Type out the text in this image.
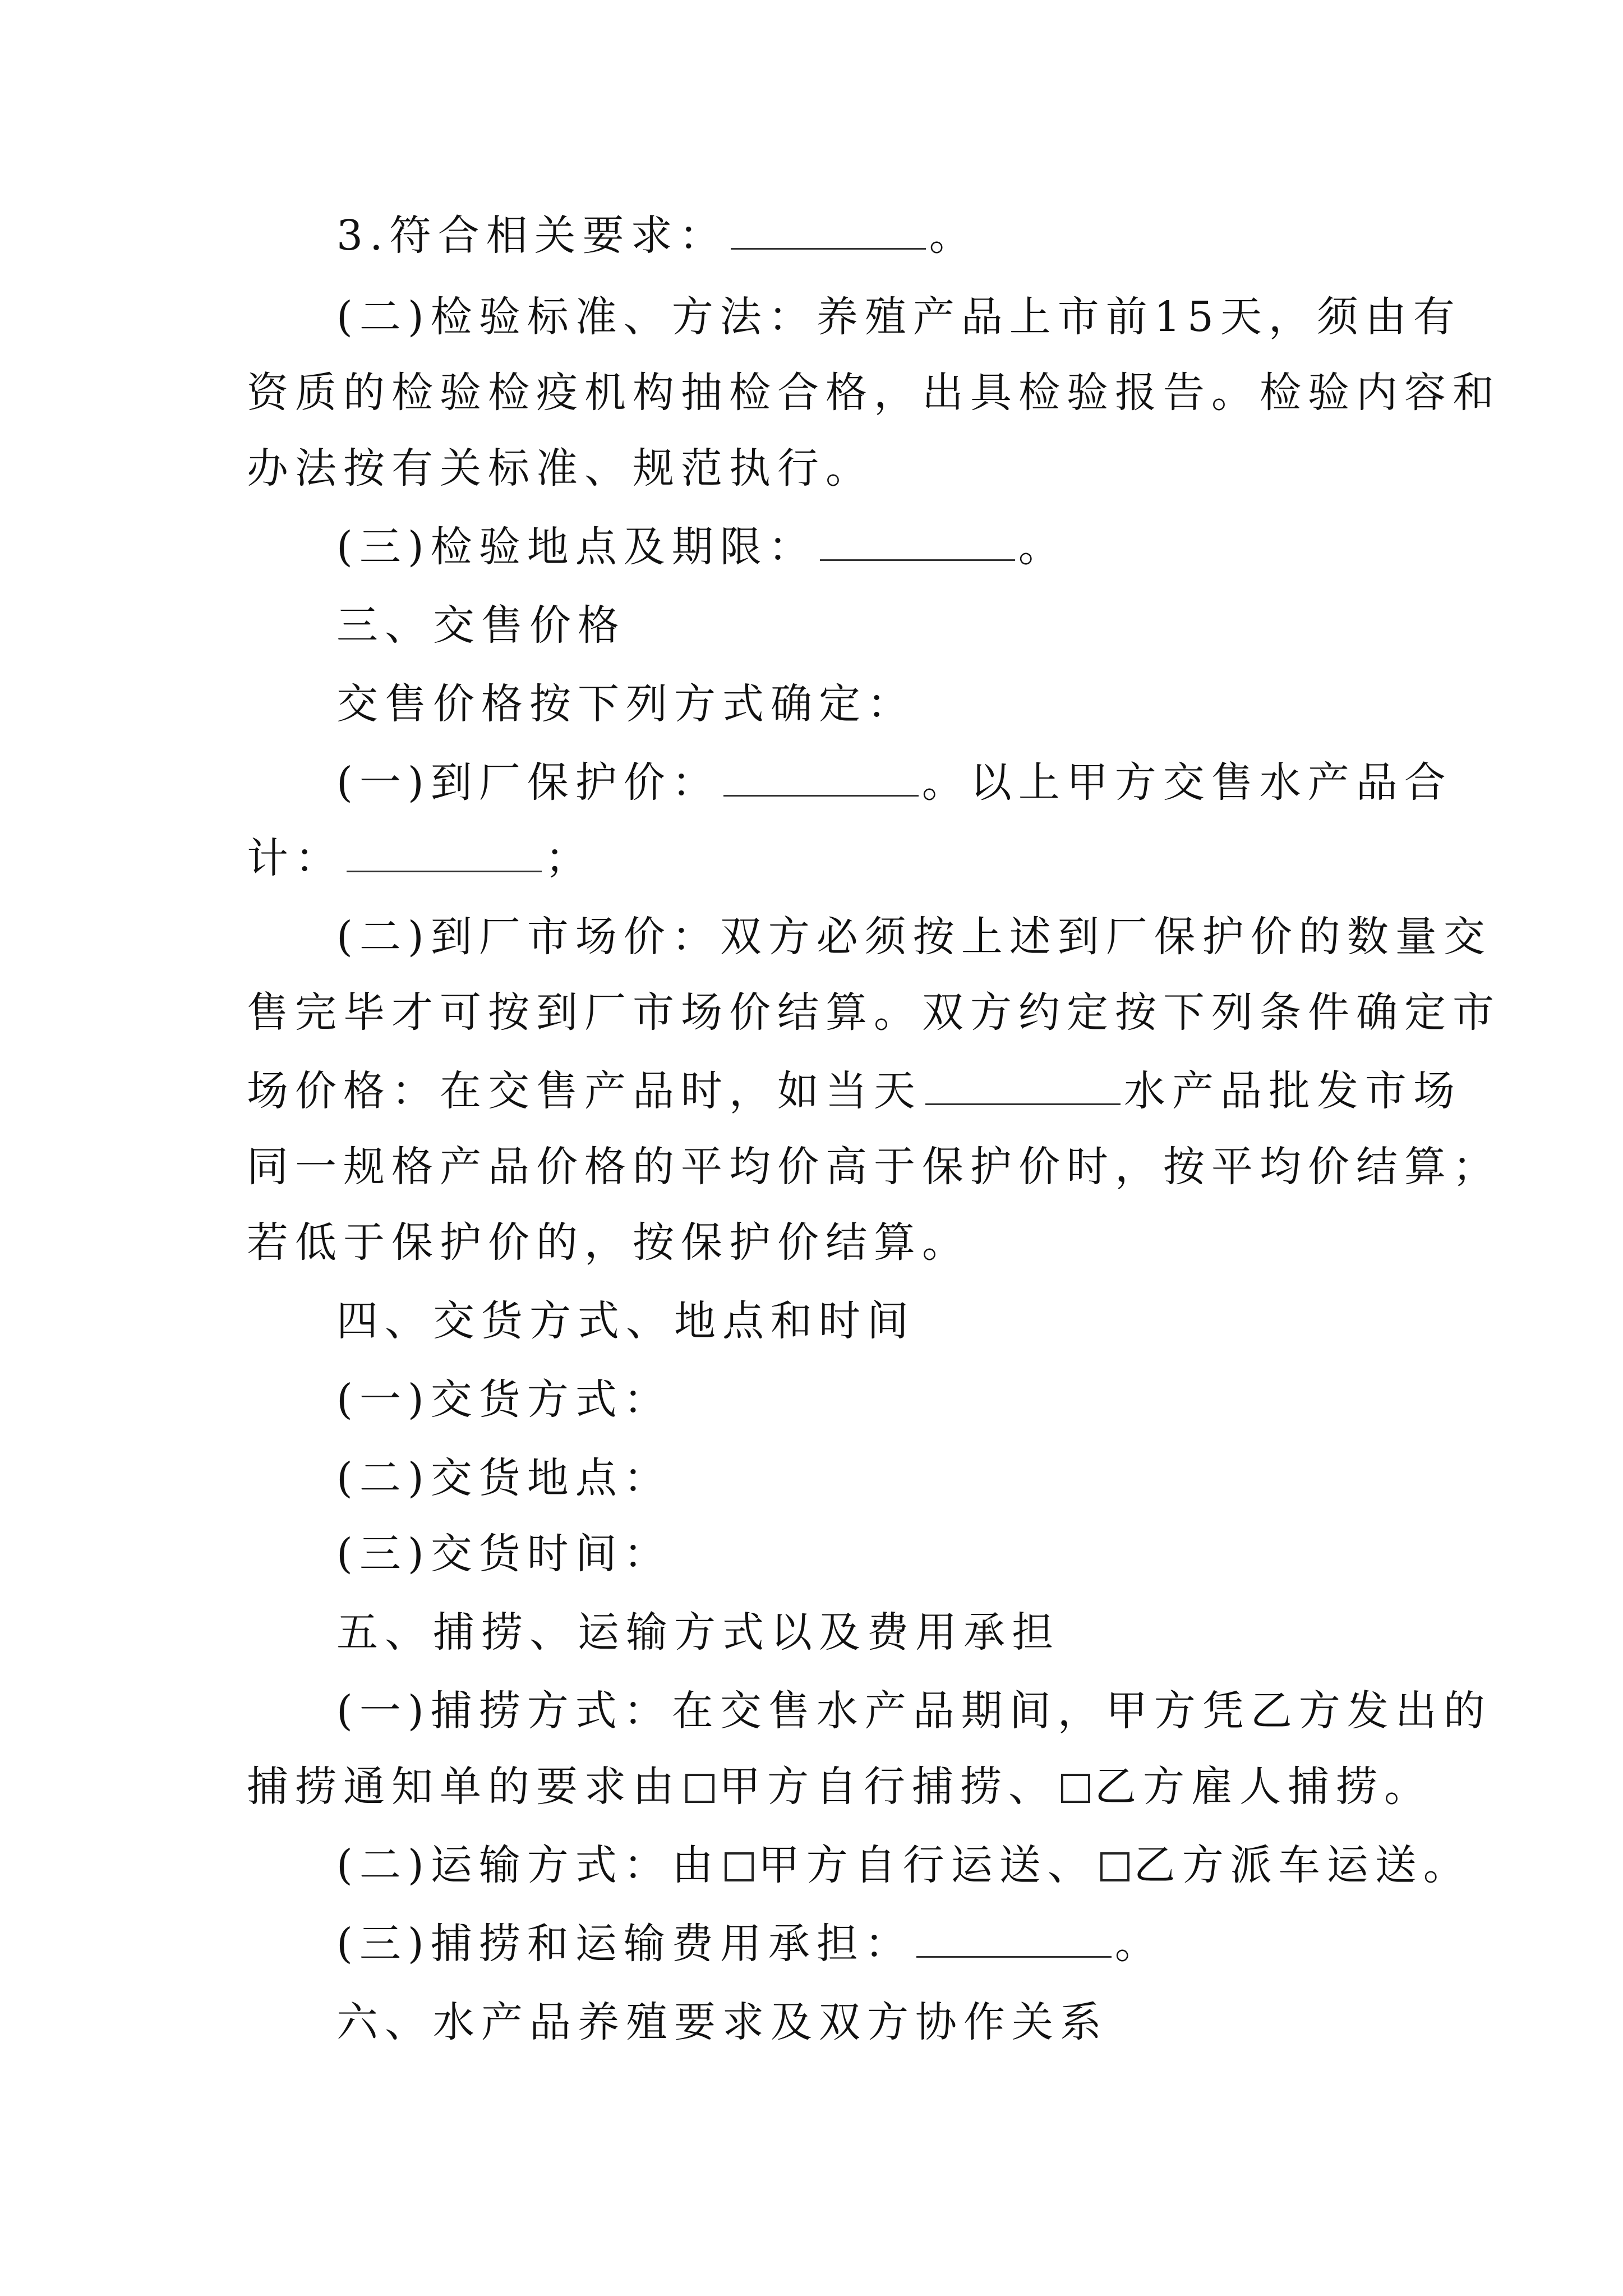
3.符合相关要求：	。
(二)检验标准、方法：养殖产品上市前15天，须由有
资质的检验检疫机构抽检合格，出具检验报告。检验内容和
办法按有关标准、规范执行。
(三)检验地点及期限：	。
三、交售价格
交售价格按下列方式确定：
(一)到厂保护价：	。以上甲方交售水产品合
计：	；
(二)到厂市场价：双方必须按上述到厂保护价的数量交
售完毕才可按到厂市场价结算。双方约定按下列条件确定市
场价格：在交售产品时，如当天	水产品批发市场
同一规格产品价格的平均价高于保护价时，按平均价结算；
若低于保护价的，按保护价结算。
四、交货方式、地点和时间
(一)交货方式：
(二)交货地点：
(三)交货时间：
五、捕捞、运输方式以及费用承担
(一)捕捞方式：在交售水产品期间，甲方凭乙方发出的
捕捞通知单的要求由 甲方自行捕捞、 乙方雇人捕捞。
(二)运输方式：由 甲方自行运送、 乙方派车运送。
(三)捕捞和运输费用承担：	。
六、水产品养殖要求及双方协作关系
